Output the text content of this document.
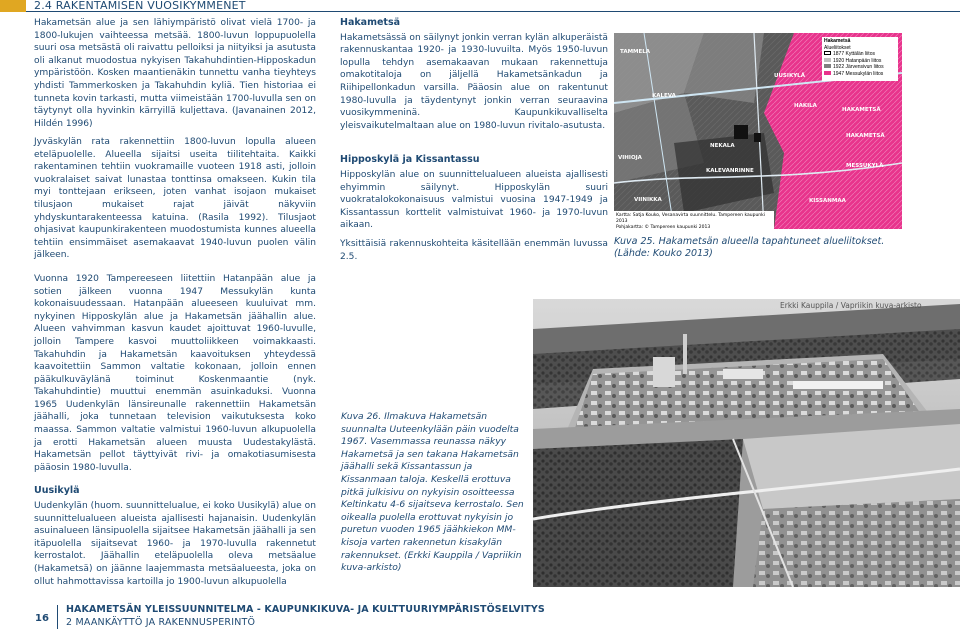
2.4 RAKENTAMISEN VUOSIKYMMENET

Hakametsän alue ja sen lähiympäristö olivat vielä 1700- ja 1800-lukujen vaihteessa metsää. 1800-luvun loppupuolella suuri osa metsästä oli raivattu pelloiksi ja niityiksi ja asutusta oli alkanut muodostua nykyisen Takahuhdintien-Hipposkadun ympäristöön. Kosken maantienäkin tunnettu vanha tieyhteys yhdisti Tammerkosken ja Takahuhdin kyliä. Tien historiaa ei tunneta kovin tarkasti, mutta viimeistään 1700-luvulla sen on täytynyt olla hyvinkin kärryillä kuljettava. (Javanainen 2012, Hildén 1996)

Jyväskylän rata rakennettiin 1800-luvun lopulla alueen eteläpuolelle. Alueella sijaitsi useita tiilitehtaita. Kaikki rakentaminen tehtiin vuokramaille vuoteen 1918 asti, jolloin vuokralaiset saivat lunastaa tonttinsa omakseen. Kukin tila myi tonttejaan erikseen, joten vanhat isojaon mukaiset tilusjaon mukaiset rajat jäivät näkyviin yhdyskuntarakenteessa katuina. (Rasila 1992). Tilusjaot ohjasivat kaupunkirakenteen muodostumista kunnes alueella tehtiin ensimmäiset asemakaavat 1940-luvun puolen välin jälkeen.

Vuonna 1920 Tampereeseen liitettiin Hatanpään alue ja sotien jälkeen vuonna 1947 Messukylän kunta kokonaisuudessaan. Hatanpään alueeseen kuuluivat mm. nykyinen Hipposkylän alue ja Hakametsän jäähallin alue. Alueen vahvimman kasvun kaudet ajoittuvat 1960-luvulle, jolloin Tampere kasvoi muuttoliikkeen voimakkaasti. Takahuhdin ja Hakametsän kaavoituksen yhteydessä kaavoitettiin Sammon valtatie kokonaan, jolloin ennen pääkulkuväylänä toiminut Koskenmaantie (nyk. Takahuhdintie) muuttui enemmän asuinkaduksi. Vuonna 1965 Uudenkylän länsireunalle rakennettiin Hakametsän jäähalli, joka tunnetaan television vaikutuksesta koko maassa. Sammon valtatie valmistui 1960-luvun alkupuolella ja erotti Hakametsän alueen muusta Uudestakylästä. Hakametsän pellot täyttyivät rivi- ja omakotiasumisesta pääosin 1980-luvulla.

Uusikylä

Uudenkylän (huom. suunnittelualue, ei koko Uusikylä) alue on suunnittelualueen alueista ajallisesti hajanaisin. Uudenkylän asuinalueen länsipuolella sijaitsee Hakametsän jäähalli ja sen itäpuolella sijaitsevat 1960- ja 1970-luvulla rakennetut kerrostalot. Jäähallin eteläpuolella oleva metsäalue (Hakametsä) on jäänne laajemmasta metsäalueesta, joka on ollut hahmottavissa kartoilla jo 1900-luvun alkupuolella

Hakametsä

Hakametsässä on säilynyt jonkin verran kylän alkuperäistä rakennuskantaa 1920- ja 1930-luvuilta. Myös 1950-luvun lopulla tehdyn asemakaavan mukaan rakennettuja omakotitaloja on jäljellä Hakametsänkadun ja Riihipellonkadun varsilla. Pääosin alue on rakentunut 1980-luvulla ja täydentynyt jonkin verran seuraavina vuosikymmeninä. Kaupunkikuvalliselta yleisvaikutelmaltaan alue on 1980-luvun rivitalo-asutusta.

Hipposkylä ja Kissantassu

Hipposkylän alue on suunnittelualueen alueista ajallisesti ehyimmin säilynyt. Hipposkylän suuri vuokratalokokonaisuus valmistui vuosina 1947-1949 ja Kissantassun korttelit valmistuivat 1960- ja 1970-luvun aikaan.

Yksittäisiä rakennuskohteita käsitellään enemmän luvussa 2.5.

Hakametsä
Alueliitokset
1877 Kyttälän liitos
1920 Hatanpään liitos
1922 Järvensivun liitos
1947 Messukylän liitos
KALEVA
HAKAMETSÄ
NEKALA
KALEVANRINNE
HAKAMETSÄ
KISSANMAA
VIHIOJA
MESSUKYLÄ
VIINIKKA
TAMMELA
UUSIKYLÄ
HAKILA
Kartta: Satja Kouko, Vesanavirta suunnittelu. Tampereen kaupunki 2013
Pohjakartta: © Tampereen kaupunki 2013
Kuva 25. Hakametsän alueella tapahtuneet alueliitokset. (Lähde: Kouko 2013)
Erkki Kauppila / Vapriikin kuva-arkisto
Kuva 26. Ilmakuva Hakametsän suunnalta Uuteenkylään päin vuodelta 1967. Vasemmassa reunassa näkyy Hakametsä ja sen takana Hakametsän jäähalli sekä Kissantassun ja Kissanmaan taloja. Keskellä erottuva pitkä julkisivu on nykyisin osoitteessa Keltinkatu 4-6 sijaitseva kerrostalo. Sen oikealla puolella erottuvat nykyisin jo puretun vuoden 1965 jäähkiekon MM-kisoja varten rakennetun kisakylän rakennukset. (Erkki Kauppila / Vapriikin kuva-arkisto)
16
HAKAMETSÄN YLEISSUUNNITELMA - KAUPUNKIKUVA- JA KULTTUURIYMPÄRISTÖSELVITYS
2 MAANKÄYTTÖ JA RAKENNUSPERINTÖ
